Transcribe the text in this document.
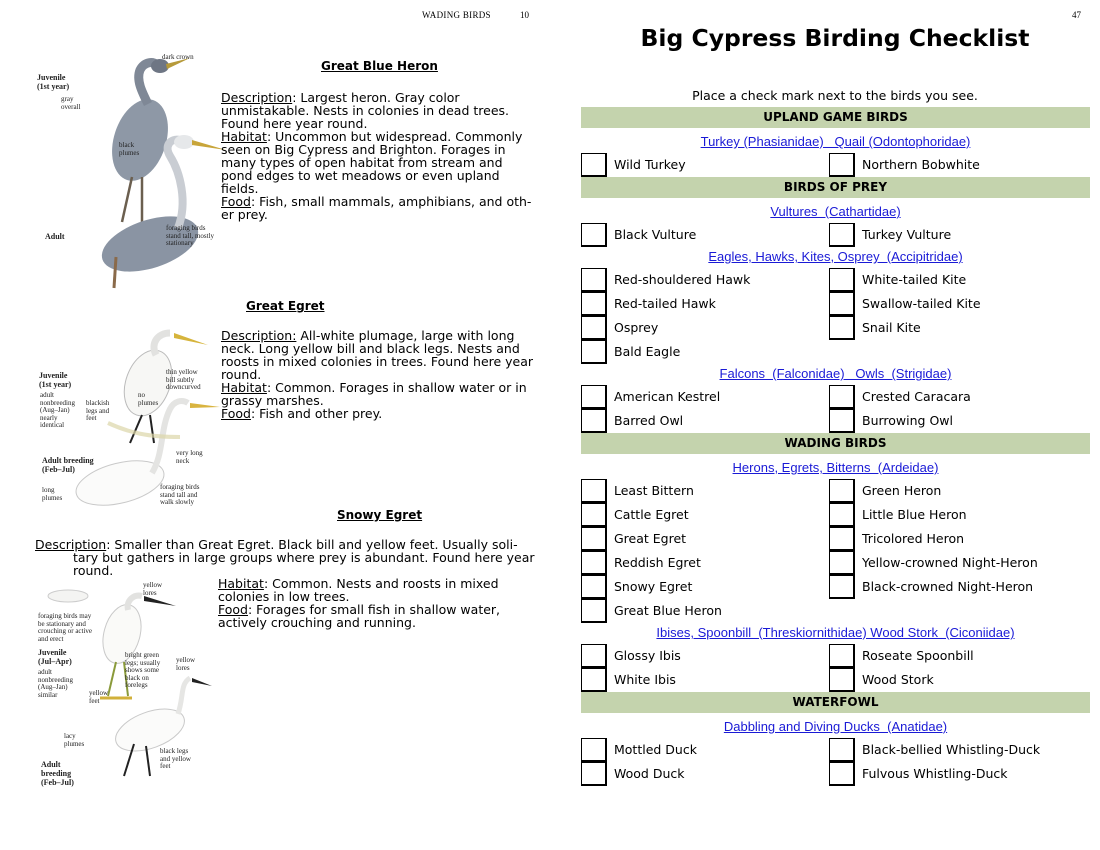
WADING BIRDS	10
dark crown
Juvenile
(1st year)
gray
overall
black
plumes
foraging birds
stand tall, mostly
stationary
Adult
Great Blue Heron
Description: Largest heron. Gray color
unmistakable. Nests in colonies in dead trees.
Found here year round.
Habitat: Uncommon but widespread. Commonly
seen on Big Cypress and Brighton. Forages in
many types of open habitat from stream and
pond edges to wet meadows or even upland
fields.
Food: Fish, small mammals, amphibians, and oth-
er prey.
Juvenile
(1st year)
thin yellow
bill subtly
downcurved
no
plumes
adult
nonbreeding
(Aug–Jan)
nearly
identical
blackish
legs and
feet
Adult breeding
(Feb–Jul)
very long
neck
long
plumes
foraging birds
stand tall and
walk slowly
Great Egret
Description: All-white plumage, large with long
neck. Long yellow bill and black legs. Nests and
roosts in mixed colonies in trees. Found here year
round.
Habitat: Common. Forages in shallow water or in
grassy marshes.
Food: Fish and other prey.
Snowy Egret
Description: Smaller than Great Egret. Black bill and yellow feet. Usually soli-
tary but gathers in large groups where prey is abundant. Found here year
round.
Habitat: Common. Nests and roosts in mixed
colonies in low trees.
Food: Forages for small fish in shallow water,
actively crouching and running.
yellow
lores
foraging birds may
be stationary and
crouching or active
and erect
Juvenile
(Jul–Apr)
bright green
legs; usually
shows some
black on
forelegs
yellow
lores
adult
nonbreeding
(Aug–Jan)
similar	yellow
feet
lacy
plumes
black legs
and yellow
feet
Adult
breeding
(Feb–Jul)
47
Big Cypress Birding Checklist
Place a check mark next to the birds you see.
UPLAND GAME BIRDS
Turkey (Phasianidae)   Quail (Odontophoridae)
Wild Turkey	Northern Bobwhite
BIRDS OF PREY
Vultures  (Cathartidae)
Black Vulture	Turkey Vulture
Eagles, Hawks, Kites, Osprey  (Accipitridae)
Red-shouldered Hawk	White-tailed Kite
Red-tailed Hawk	Swallow-tailed Kite
Osprey	Snail Kite
Bald Eagle
Falcons  (Falconidae)   Owls  (Strigidae)
American Kestrel	Crested Caracara
Barred Owl	Burrowing Owl
WADING BIRDS
Herons, Egrets, Bitterns  (Ardeidae)
Least Bittern	Green Heron
Cattle Egret	Little Blue Heron
Great Egret	Tricolored Heron
Reddish Egret	Yellow-crowned Night-Heron
Snowy Egret	Black-crowned Night-Heron
Great Blue Heron
Ibises, Spoonbill  (Threskiornithidae) Wood Stork  (Ciconiidae)
Glossy Ibis	Roseate Spoonbill
White Ibis	Wood Stork
WATERFOWL
Dabbling and Diving Ducks  (Anatidae)
Mottled Duck	Black-bellied Whistling-Duck
Wood Duck	Fulvous Whistling-Duck
